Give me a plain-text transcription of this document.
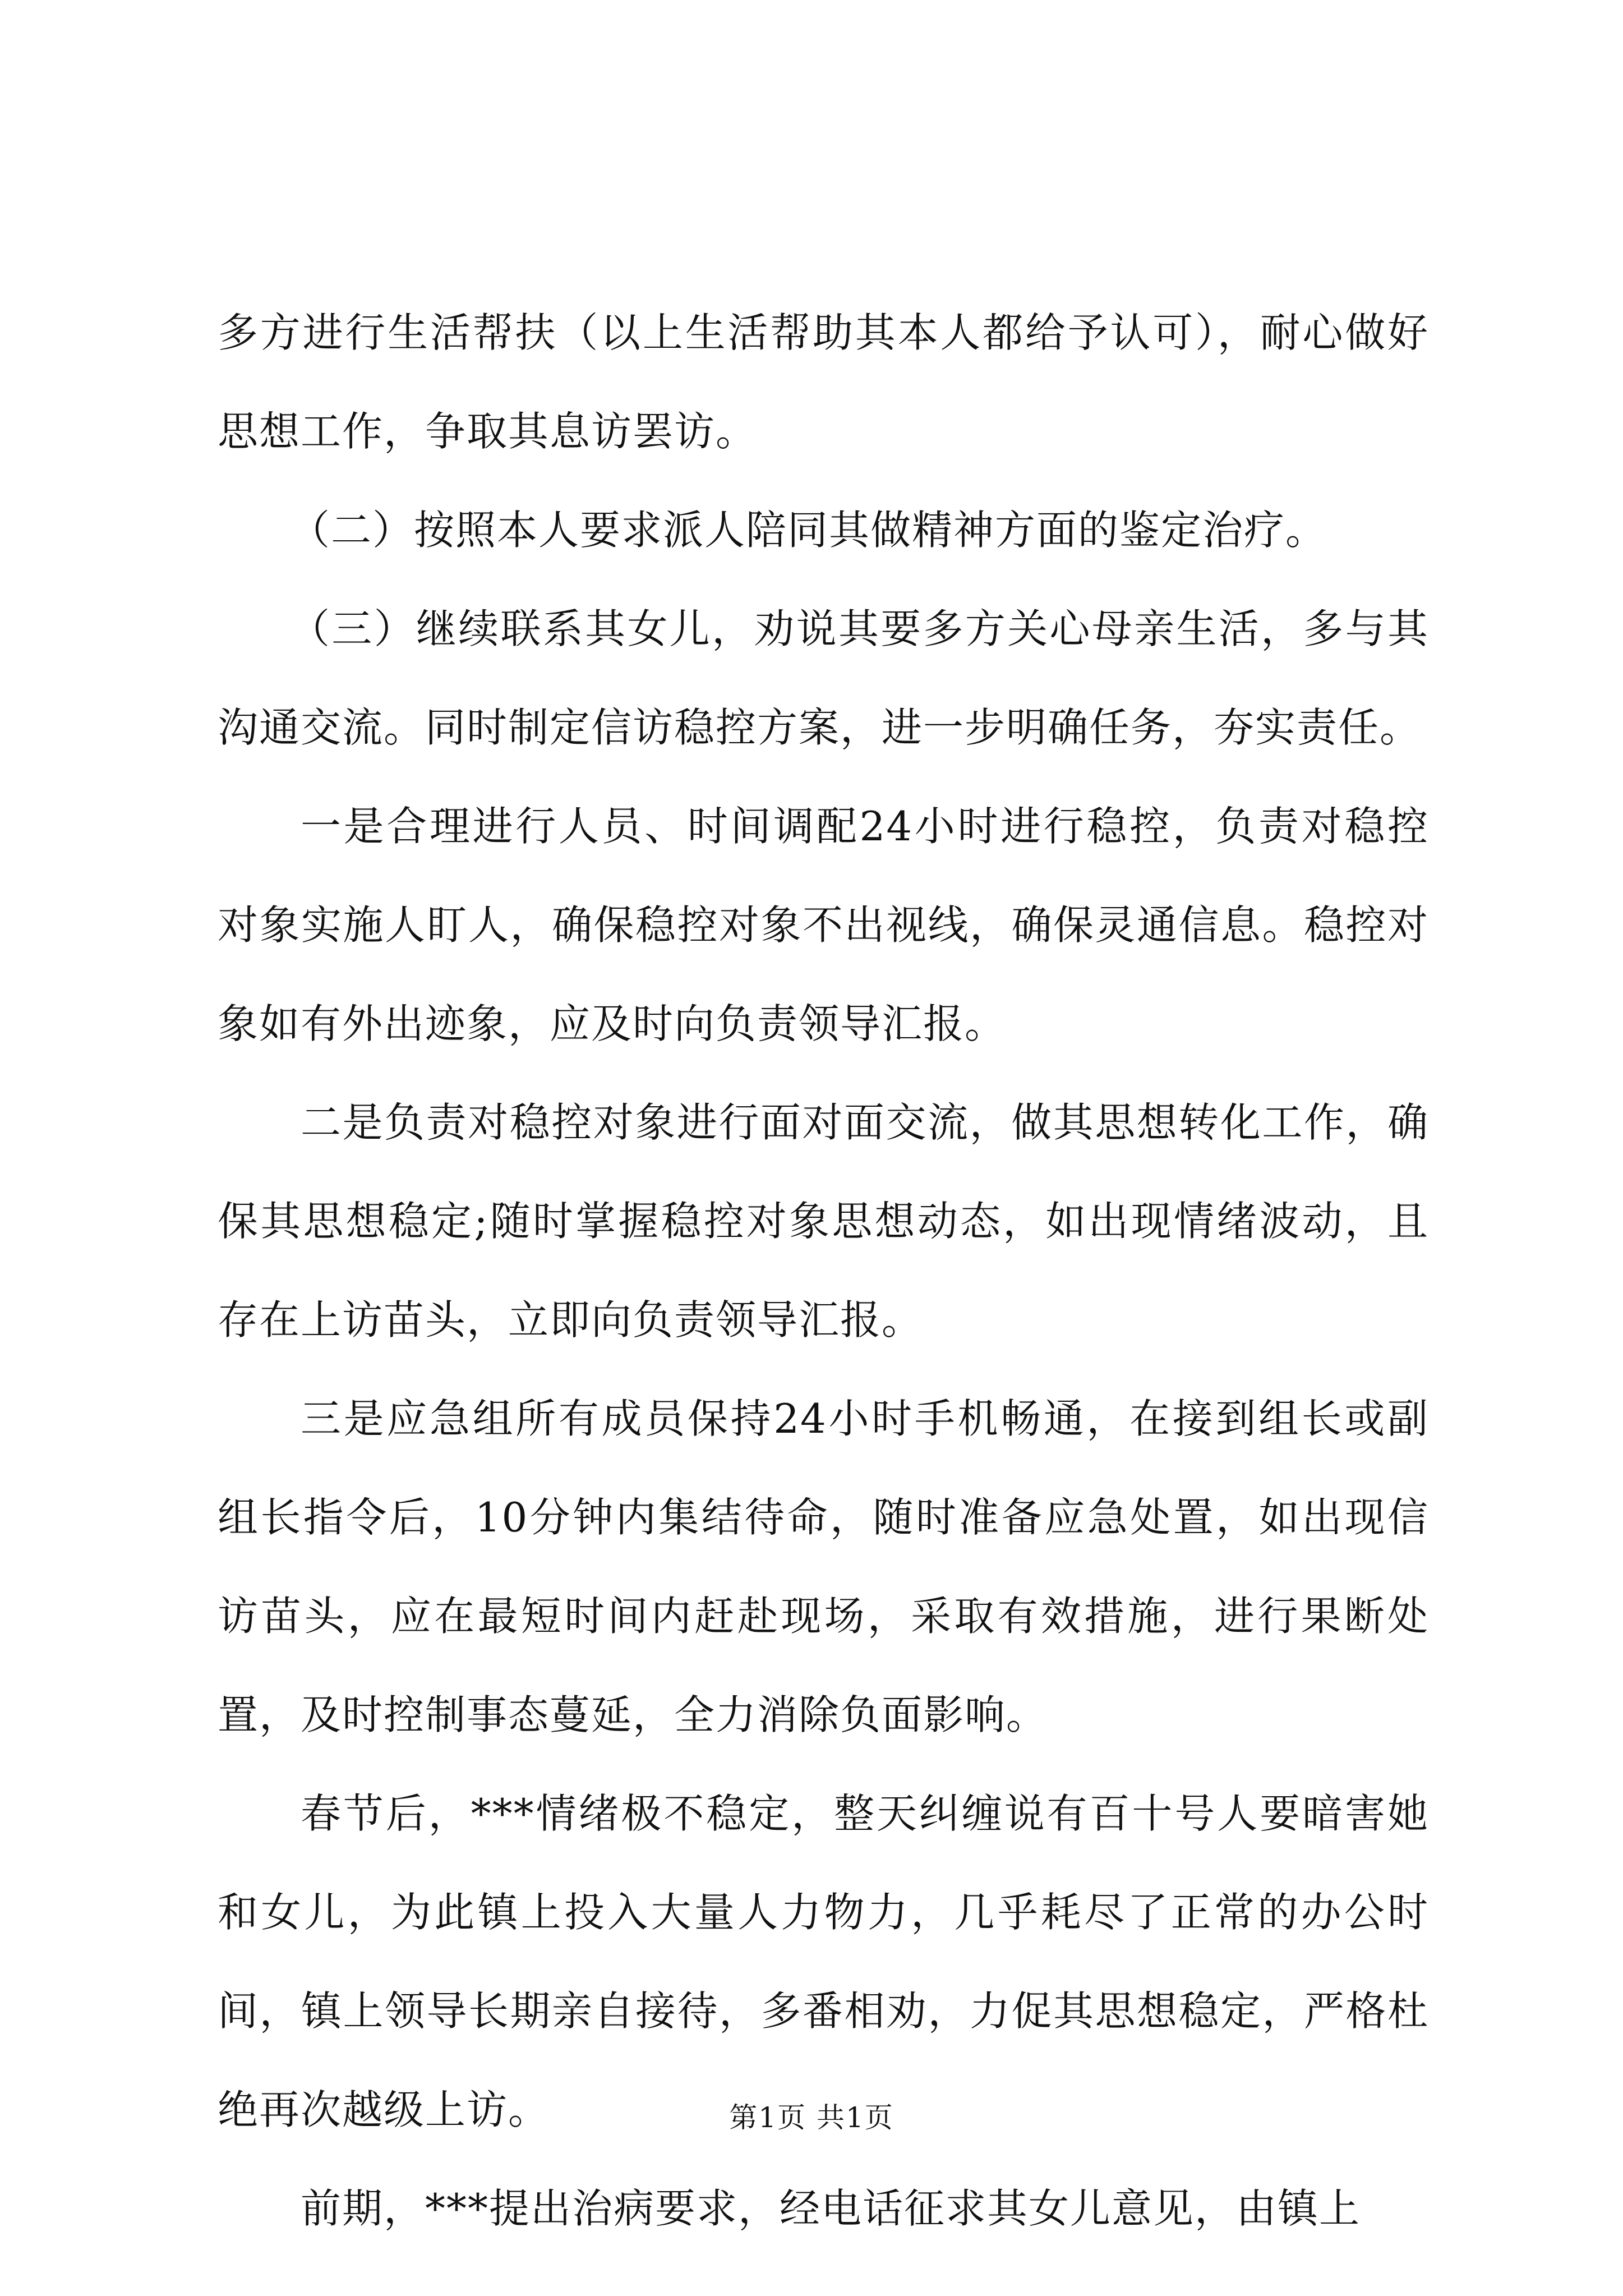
多方进行生活帮扶（以上生活帮助其本人都给予认可），耐心做好思想工作，争取其息访罢访。

（二）按照本人要求派人陪同其做精神方面的鉴定治疗。

（三）继续联系其女儿，劝说其要多方关心母亲生活，多与其沟通交流。同时制定信访稳控方案，进一步明确任务，夯实责任。

一是合理进行人员、时间调配24小时进行稳控，负责对稳控对象实施人盯人，确保稳控对象不出视线，确保灵通信息。稳控对象如有外出迹象，应及时向负责领导汇报。

二是负责对稳控对象进行面对面交流，做其思想转化工作，确保其思想稳定;随时掌握稳控对象思想动态，如出现情绪波动，且存在上访苗头，立即向负责领导汇报。

三是应急组所有成员保持24小时手机畅通，在接到组长或副组长指令后，10分钟内集结待命，随时准备应急处置，如出现信访苗头，应在最短时间内赶赴现场，采取有效措施，进行果断处置，及时控制事态蔓延，全力消除负面影响。

春节后，***情绪极不稳定，整天纠缠说有百十号人要暗害她和女儿，为此镇上投入大量人力物力，几乎耗尽了正常的办公时间，镇上领导长期亲自接待，多番相劝，力促其思想稳定，严格杜绝再次越级上访。

前期，***提出治病要求，经电话征求其女儿意见，由镇上

第1页 共1页
